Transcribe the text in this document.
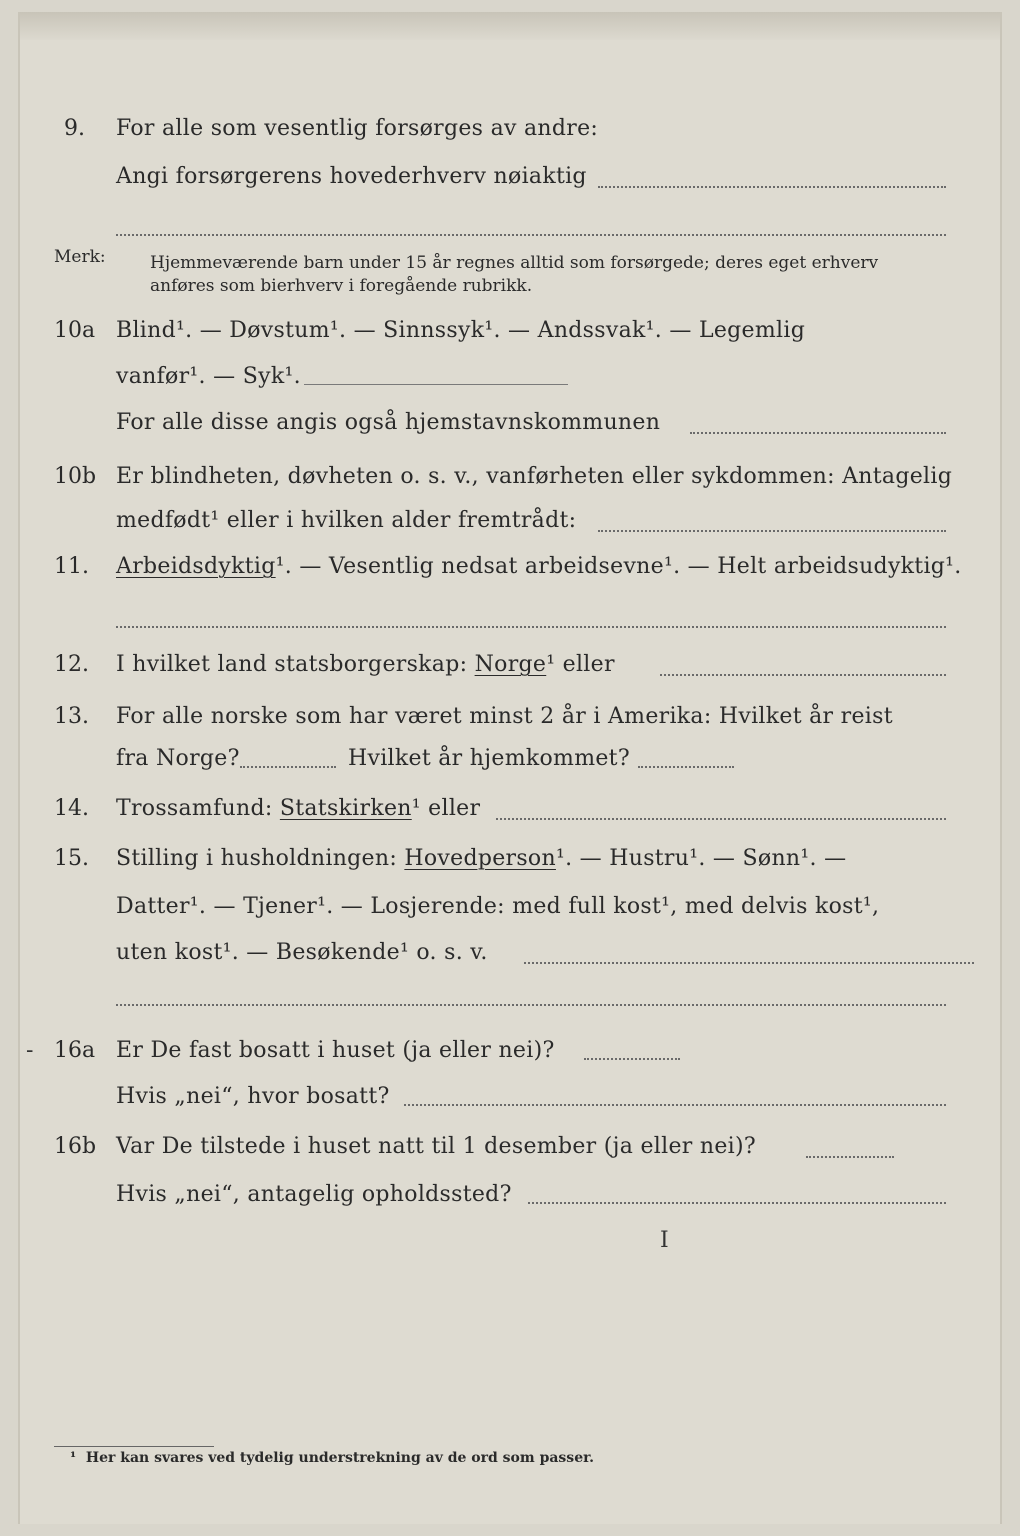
9. For alle som vesentlig forsørges av andre:
Angi forsørgerens hovederhverv nøiaktig
Merk:	Hjemmeværende barn under 15 år regnes alltid som forsørgede; deres eget erhverv
anføres som bierhverv i foregående rubrikk.
10a Blind¹. — Døvstum¹. — Sinnssyk¹. — Andssvak¹. — Legemlig
vanfør¹. — Syk¹.
For alle disse angis også hjemstavnskommunen
10b Er blindheten, døvheten o. s. v., vanførheten eller sykdommen: Antagelig
medfødt¹ eller i hvilken alder fremtrådt:
11. Arbeidsdyktig¹. — Vesentlig nedsat arbeidsevne¹. — Helt arbeidsudyktig¹.
12. I hvilket land statsborgerskap: Norge¹ eller
13. For alle norske som har været minst 2 år i Amerika: Hvilket år reist
fra Norge?	Hvilket år hjemkommet?
14. Trossamfund: Statskirken¹ eller
15. Stilling i husholdningen: Hovedperson¹. — Hustru¹. — Sønn¹. —
Datter¹. — Tjener¹. — Losjerende: med full kost¹, med delvis kost¹,
uten kost¹. — Besøkende¹ o. s. v.
- 16a Er De fast bosatt i huset (ja eller nei)?
Hvis „nei“, hvor bosatt?
16b Var De tilstede i huset natt til 1 desember (ja eller nei)?
Hvis „nei“, antagelig opholdssted?
Ⅰ
¹ Her kan svares ved tydelig understrekning av de ord som passer.
